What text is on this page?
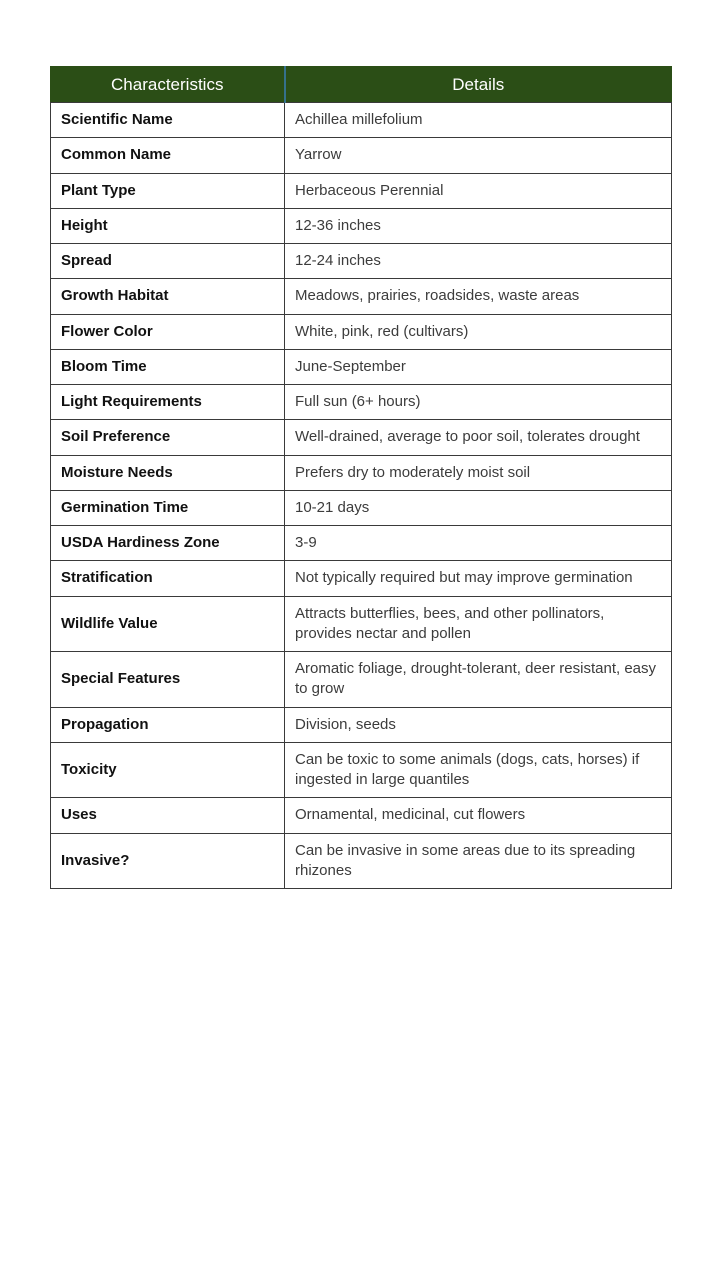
Characteristics	Details
Scientific Name	Achillea millefolium
Common Name	Yarrow
Plant Type	Herbaceous Perennial
Height	12-36 inches
Spread	12-24 inches
Growth Habitat	Meadows, prairies, roadsides, waste areas
Flower Color	White, pink, red (cultivars)
Bloom Time	June-September
Light Requirements	Full sun (6+ hours)
Soil Preference	Well-drained, average to poor soil, tolerates drought
Moisture Needs	Prefers dry to moderately moist soil
Germination Time	10-21 days
USDA Hardiness Zone	3-9
Stratification	Not typically required but may improve germination
Wildlife Value	Attracts butterflies, bees, and other pollinators, provides nectar and pollen
Special Features	Aromatic foliage, drought-tolerant, deer resistant, easy to grow
Propagation	Division, seeds
Toxicity	Can be toxic to some animals (dogs, cats, horses) if ingested in large quantiles
Uses	Ornamental, medicinal, cut flowers
Invasive?	Can be invasive in some areas due to its spreading rhizones
